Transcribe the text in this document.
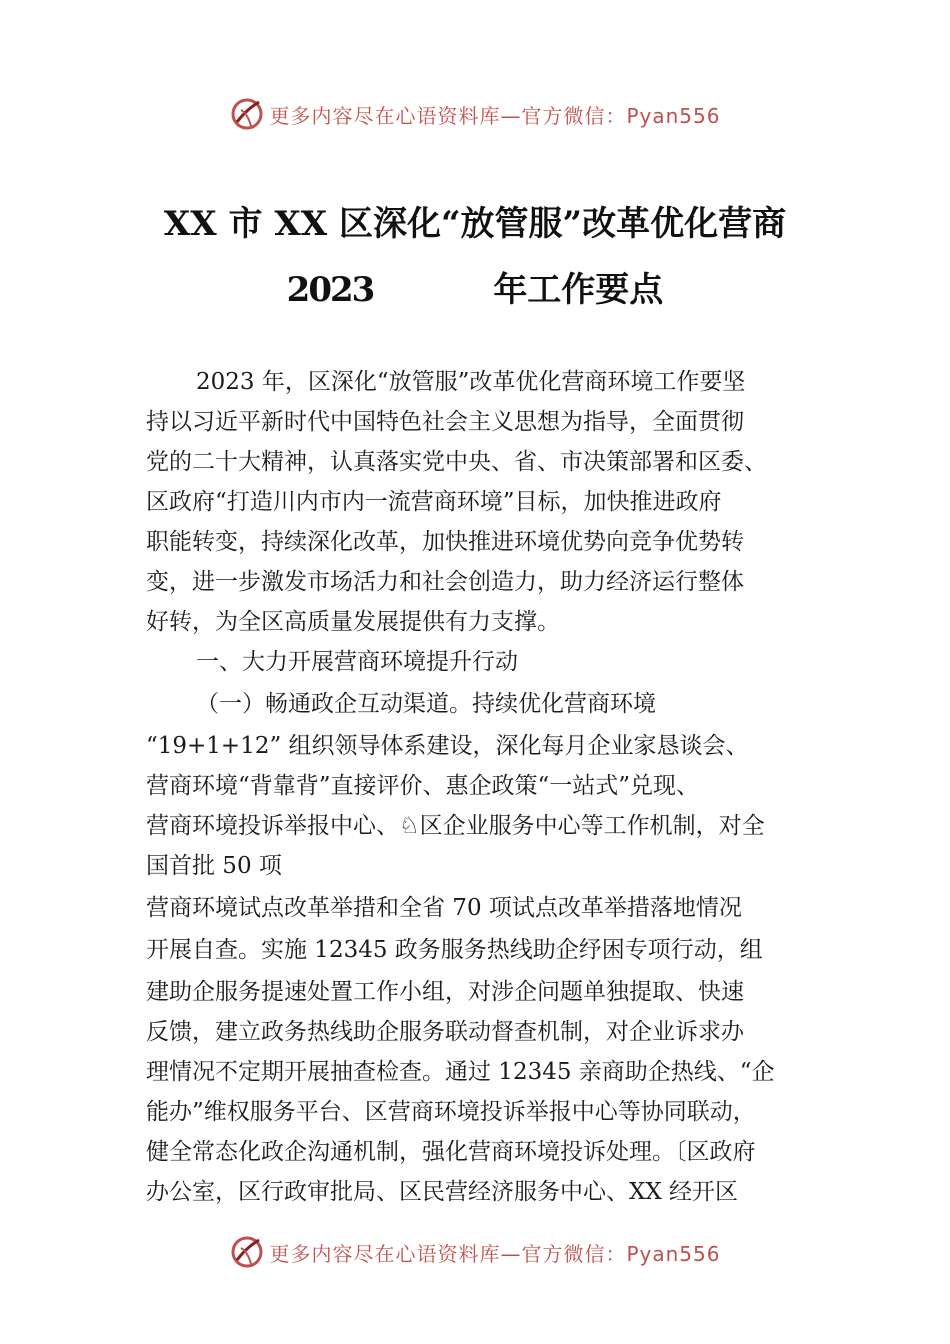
更多内容尽在心语资料库—官方微信：Pyan556
XX 市 XX 区深化“放管服”改革优化营商
2023	年工作要点
2023 年，区深化“放管服”改革优化营商环境工作要坚
持以习近平新时代中国特色社会主义思想为指导，全面贯彻
党的二十大精神，认真落实党中央、省、市决策部署和区委、
区政府“打造川内市内一流营商环境”目标，加快推进政府
职能转变，持续深化改革，加快推进环境优势向竞争优势转
变，进一步激发市场活力和社会创造力，助力经济运行整体
好转，为全区高质量发展提供有力支撑。
一、大力开展营商环境提升行动
（一）畅通政企互动渠道。持续优化营商环境
“19+1+12” 组织领导体系建设，深化每月企业家恳谈会、
营商环境“背靠背”直接评价、惠企政策“一站式”兑现、
营商环境投诉举报中心、♘区企业服务中心等工作机制，对全
国首批 50 项
营商环境试点改革举措和全省 70 项试点改革举措落地情况
开展自查。实施 12345 政务服务热线助企纾困专项行动，组
建助企服务提速处置工作小组，对涉企问题单独提取、快速
反馈，建立政务热线助企服务联动督查机制，对企业诉求办
理情况不定期开展抽查检查。通过 12345 亲商助企热线、“企
能办”维权服务平台、区营商环境投诉举报中心等协同联动，
健全常态化政企沟通机制，强化营商环境投诉处理。〔区政府
办公室，区行政审批局、区民营经济服务中心、XX 经开区
更多内容尽在心语资料库—官方微信：Pyan556
